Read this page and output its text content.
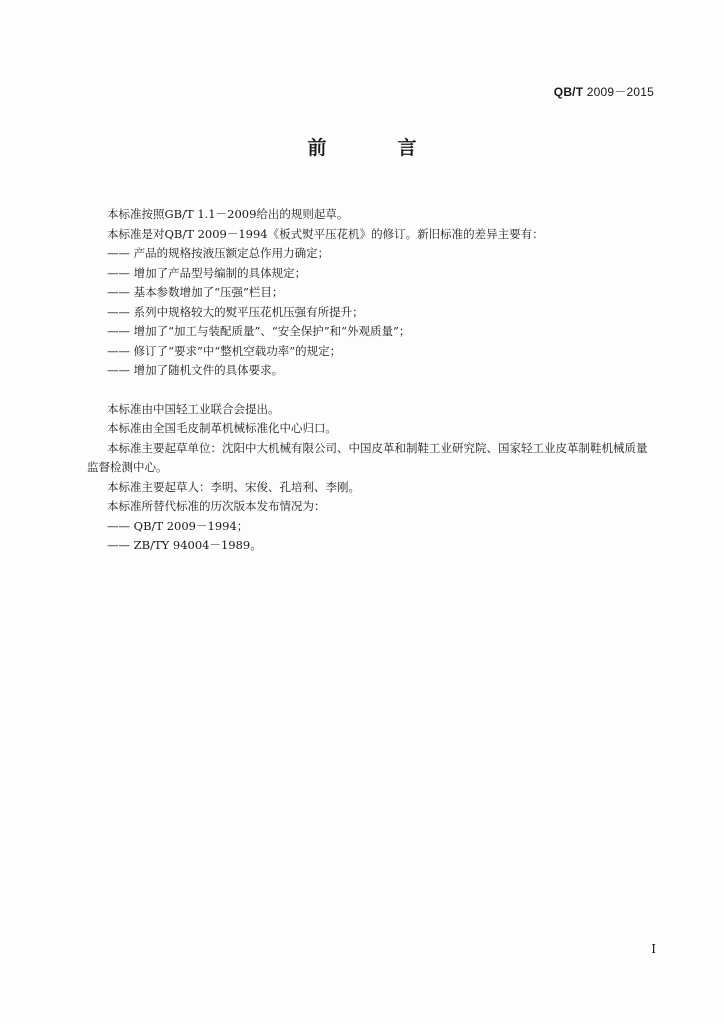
QB/T 2009－2015
前　言

本标准按照GB/T 1.1－2009给出的规则起草。

本标准是对QB/T 2009－1994《板式熨平压花机》的修订。新旧标准的差异主要有：

—— 产品的规格按液压额定总作用力确定；

—— 增加了产品型号编制的具体规定；

—— 基本参数增加了“压强”栏目；

—— 系列中规格较大的熨平压花机压强有所提升；

—— 增加了“加工与装配质量”、“安全保护”和“外观质量”；

—— 修订了“要求”中“整机空载功率”的规定；

—— 增加了随机文件的具体要求。

本标准由中国轻工业联合会提出。

本标准由全国毛皮制革机械标准化中心归口。

本标准主要起草单位：沈阳中大机械有限公司、中国皮革和制鞋工业研究院、国家轻工业皮革制鞋机械质量监督检测中心。

本标准主要起草人：李明、宋俊、孔培利、李刚。

本标准所替代标准的历次版本发布情况为：

—— QB/T 2009－1994；

—— ZB/TY 94004－1989。

I
